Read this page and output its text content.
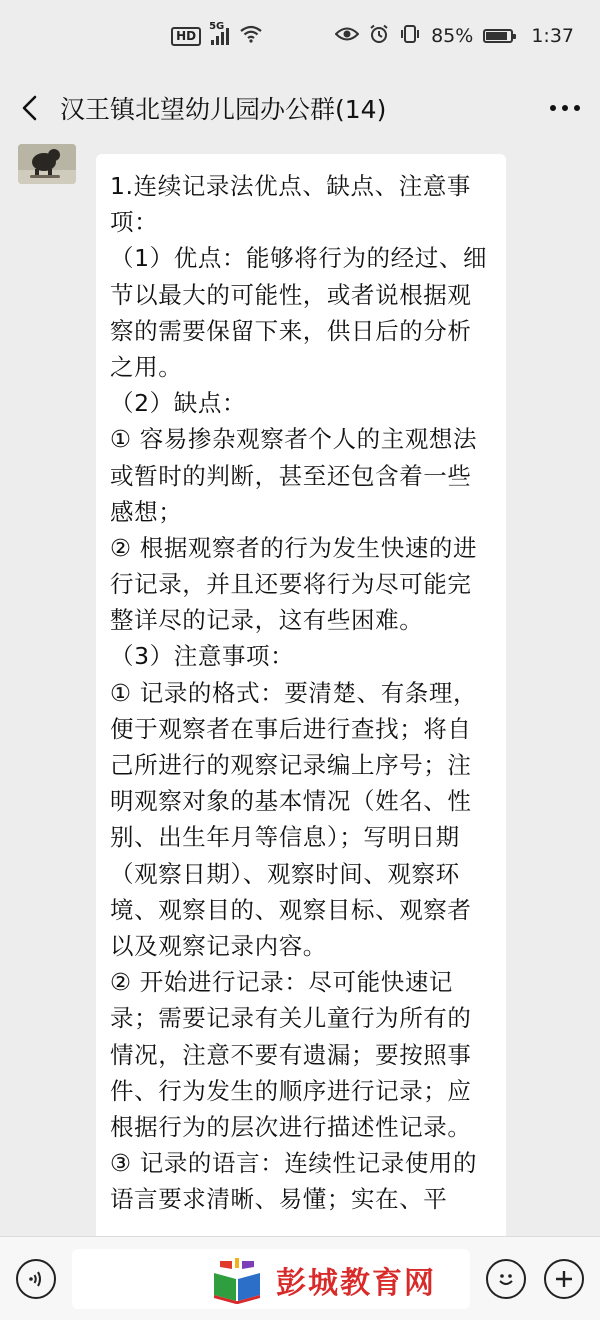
HD
5G	85%	1:37
汉王镇北望幼儿园办公群(14)
1.连续记录法优点、缺点、注意事
项：
（1）优点：能够将行为的经过、细
节以最大的可能性，或者说根据观
察的需要保留下来，供日后的分析
之用。
（2）缺点：
① 容易掺杂观察者个人的主观想法
或暂时的判断，甚至还包含着一些
感想；
② 根据观察者的行为发生快速的进
行记录，并且还要将行为尽可能完
整详尽的记录，这有些困难。
（3）注意事项：
① 记录的格式：要清楚、有条理，
便于观察者在事后进行查找；将自
己所进行的观察记录编上序号；注
明观察对象的基本情况（姓名、性
别、出生年月等信息）；写明日期
（观察日期）、观察时间、观察环
境、观察目的、观察目标、观察者
以及观察记录内容。
② 开始进行记录：尽可能快速记
录；需要记录有关儿童行为所有的
情况，注意不要有遗漏；要按照事
件、行为发生的顺序进行记录；应
根据行为的层次进行描述性记录。
③ 记录的语言：连续性记录使用的
语言要求清晰、易懂；实在、平
彭城教育网
